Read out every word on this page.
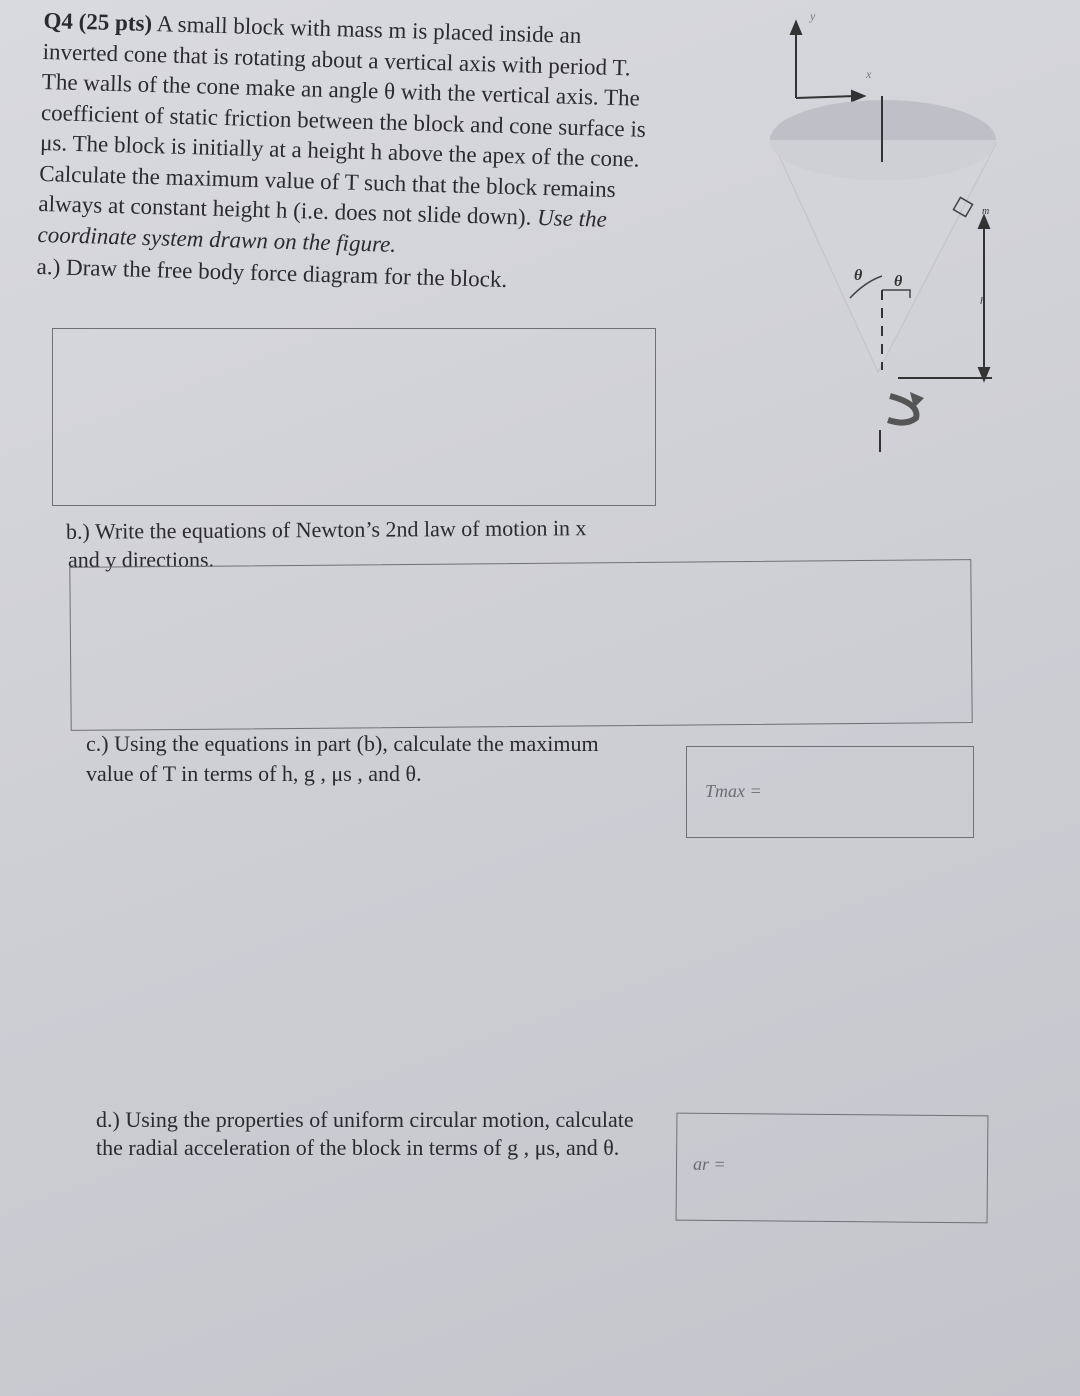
Q4 (25 pts) A small block with mass m is placed inside an inverted cone that is rotating about a vertical axis with period T. The walls of the cone make an angle θ with the vertical axis. The coefficient of static friction between the block and cone surface is μs. The block is initially at a height h above the apex of the cone. Calculate the maximum value of T such that the block remains always at constant height h (i.e. does not slide down). Use the coordinate system drawn on the figure.

a.) Draw the free body force diagram for the block.

b.) Write the equations of Newton’s 2nd law of motion in x
and y directions.
c.) Using the equations in part (b), calculate the maximum
value of T in terms of h, g , μs , and θ.
Tmax =
d.) Using the properties of uniform circular motion, calculate
the radial acceleration of the block in terms of g , μs, and θ.
ar =
y
x
θ θ
m
h
